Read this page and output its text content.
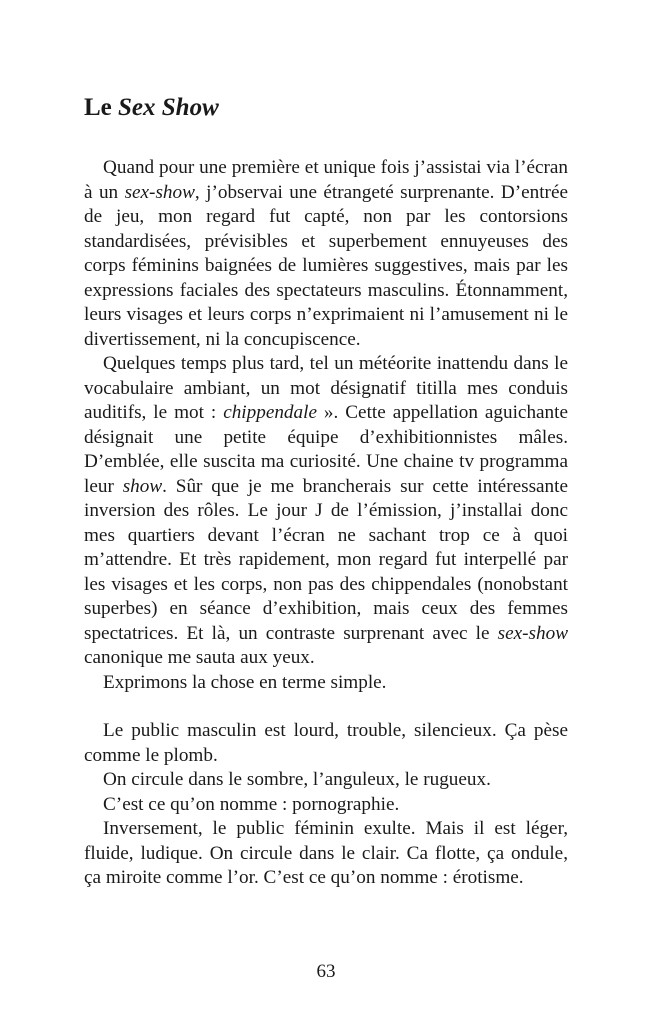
Le Sex Show

Quand pour une première et unique fois j’assistai via l’écran à un sex-show, j’observai une étrangeté surprenante. D’entrée de jeu, mon regard fut capté, non par les contorsions standardisées, prévisibles et superbement ennuyeuses des corps féminins baignées de lumières suggestives, mais par les expressions faciales des spectateurs masculins. Étonnamment, leurs visages et leurs corps n’exprimaient ni l’amusement ni le divertissement, ni la concupiscence.

Quelques temps plus tard, tel un météorite inattendu dans le vocabulaire ambiant, un mot désignatif titilla mes conduis auditifs, le mot : chippendale ». Cette appellation aguichante désignait une petite équipe d’exhibitionnistes mâles. D’emblée, elle suscita ma curiosité. Une chaine tv programma leur show. Sûr que je me brancherais sur cette intéressante inversion des rôles. Le jour J de l’émission, j’installai donc mes quartiers devant l’écran ne sachant trop ce à quoi m’attendre. Et très rapidement, mon regard fut interpellé par les visages et les corps, non pas des chippendales (nonobstant superbes) en séance d’exhibition, mais ceux des femmes spectatrices. Et là, un contraste surprenant avec le sex-show canonique me sauta aux yeux.

Exprimons la chose en terme simple.

Le public masculin est lourd, trouble, silencieux. Ça pèse comme le plomb.

On circule dans le sombre, l’anguleux, le rugueux.

C’est ce qu’on nomme : pornographie.

Inversement, le public féminin exulte. Mais il est léger, fluide, ludique. On circule dans le clair. Ca flotte, ça ondule, ça miroite comme l’or. C’est ce qu’on nomme : érotisme.

63
